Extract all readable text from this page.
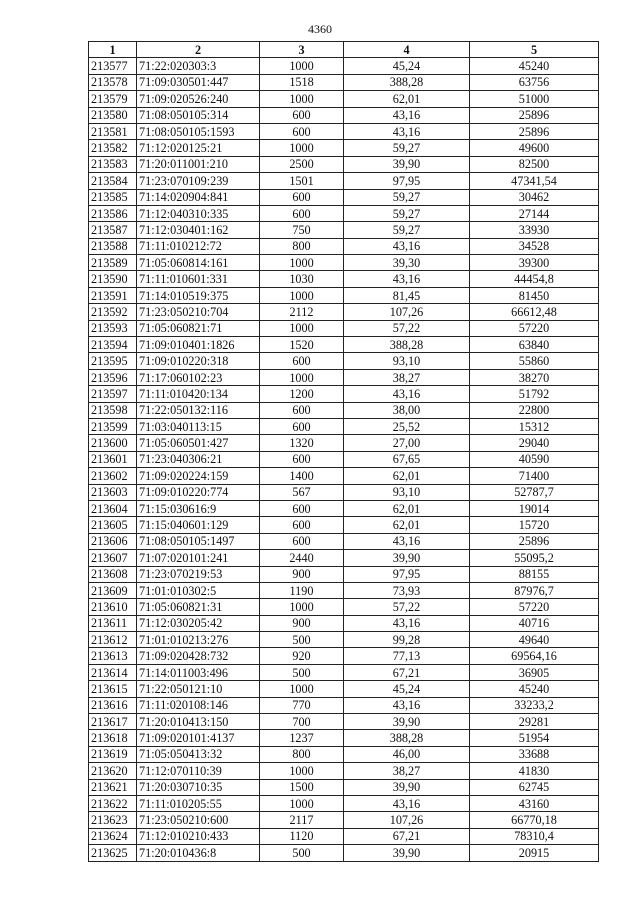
4360
1	2	3	4	5
213577	71:22:020303:3	1000	45,24	45240
213578	71:09:030501:447	1518	388,28	63756
213579	71:09:020526:240	1000	62,01	51000
213580	71:08:050105:314	600	43,16	25896
213581	71:08:050105:1593	600	43,16	25896
213582	71:12:020125:21	1000	59,27	49600
213583	71:20:011001:210	2500	39,90	82500
213584	71:23:070109:239	1501	97,95	47341,54
213585	71:14:020904:841	600	59,27	30462
213586	71:12:040310:335	600	59,27	27144
213587	71:12:030401:162	750	59,27	33930
213588	71:11:010212:72	800	43,16	34528
213589	71:05:060814:161	1000	39,30	39300
213590	71:11:010601:331	1030	43,16	44454,8
213591	71:14:010519:375	1000	81,45	81450
213592	71:23:050210:704	2112	107,26	66612,48
213593	71:05:060821:71	1000	57,22	57220
213594	71:09:010401:1826	1520	388,28	63840
213595	71:09:010220:318	600	93,10	55860
213596	71:17:060102:23	1000	38,27	38270
213597	71:11:010420:134	1200	43,16	51792
213598	71:22:050132:116	600	38,00	22800
213599	71:03:040113:15	600	25,52	15312
213600	71:05:060501:427	1320	27,00	29040
213601	71:23:040306:21	600	67,65	40590
213602	71:09:020224:159	1400	62,01	71400
213603	71:09:010220:774	567	93,10	52787,7
213604	71:15:030616:9	600	62,01	19014
213605	71:15:040601:129	600	62,01	15720
213606	71:08:050105:1497	600	43,16	25896
213607	71:07:020101:241	2440	39,90	55095,2
213608	71:23:070219:53	900	97,95	88155
213609	71:01:010302:5	1190	73,93	87976,7
213610	71:05:060821:31	1000	57,22	57220
213611	71:12:030205:42	900	43,16	40716
213612	71:01:010213:276	500	99,28	49640
213613	71:09:020428:732	920	77,13	69564,16
213614	71:14:011003:496	500	67,21	36905
213615	71:22:050121:10	1000	45,24	45240
213616	71:11:020108:146	770	43,16	33233,2
213617	71:20:010413:150	700	39,90	29281
213618	71:09:020101:4137	1237	388,28	51954
213619	71:05:050413:32	800	46,00	33688
213620	71:12:070110:39	1000	38,27	41830
213621	71:20:030710:35	1500	39,90	62745
213622	71:11:010205:55	1000	43,16	43160
213623	71:23:050210:600	2117	107,26	66770,18
213624	71:12:010210:433	1120	67,21	78310,4
213625	71:20:010436:8	500	39,90	20915
